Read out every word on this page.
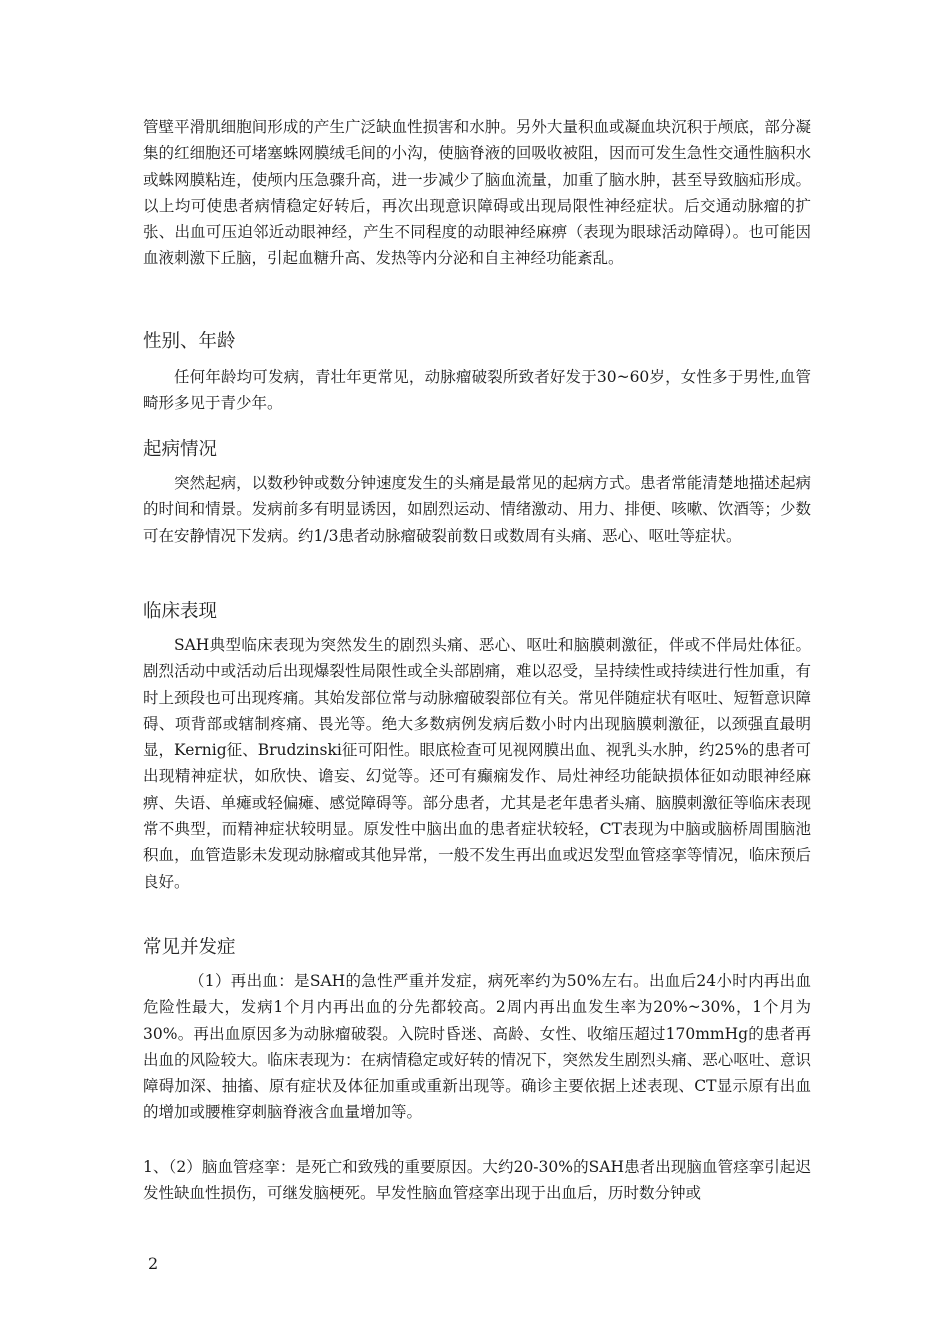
管壁平滑肌细胞间形成的产生广泛缺血性损害和水肿。另外大量积血或凝血块沉积于颅底，部分凝集的红细胞还可堵塞蛛网膜绒毛间的小沟，使脑脊液的回吸收被阻，因而可发生急性交通性脑积水或蛛网膜粘连，使颅内压急骤升高，进一步减少了脑血流量，加重了脑水肿，甚至导致脑疝形成。以上均可使患者病情稳定好转后，再次出现意识障碍或出现局限性神经症状。后交通动脉瘤的扩张、出血可压迫邻近动眼神经，产生不同程度的动眼神经麻痹（表现为眼球活动障碍）。也可能因血液刺激下丘脑，引起血糖升高、发热等内分泌和自主神经功能紊乱。

性别、年龄

任何年龄均可发病，青壮年更常见，动脉瘤破裂所致者好发于30~60岁，女性多于男性,血管畸形多见于青少年。

起病情况

突然起病，以数秒钟或数分钟速度发生的头痛是最常见的起病方式。患者常能清楚地描述起病的时间和情景。发病前多有明显诱因，如剧烈运动、情绪激动、用力、排便、咳嗽、饮酒等；少数可在安静情况下发病。约1/3患者动脉瘤破裂前数日或数周有头痛、恶心、呕吐等症状。

临床表现

SAH典型临床表现为突然发生的剧烈头痛、恶心、呕吐和脑膜刺激征，伴或不伴局灶体征。剧烈活动中或活动后出现爆裂性局限性或全头部剧痛，难以忍受，呈持续性或持续进行性加重，有时上颈段也可出现疼痛。其始发部位常与动脉瘤破裂部位有关。常见伴随症状有呕吐、短暂意识障碍、项背部或辖制疼痛、畏光等。绝大多数病例发病后数小时内出现脑膜刺激征，以颈强直最明显，Kernig征、Brudzinski征可阳性。眼底检查可见视网膜出血、视乳头水肿，约25%的患者可出现精神症状，如欣快、谵妄、幻觉等。还可有癫痫发作、局灶神经功能缺损体征如动眼神经麻痹、失语、单瘫或轻偏瘫、感觉障碍等。部分患者，尤其是老年患者头痛、脑膜刺激征等临床表现常不典型，而精神症状较明显。原发性中脑出血的患者症状较轻，CT表现为中脑或脑桥周围脑池积血，血管造影未发现动脉瘤或其他异常，一般不发生再出血或迟发型血管痉挛等情况，临床预后良好。

常见并发症

（1）再出血：是SAH的急性严重并发症，病死率约为50%左右。出血后24小时内再出血危险性最大，发病1个月内再出血的分先都较高。2周内再出血发生率为20%~30%，1个月为30%。再出血原因多为动脉瘤破裂。入院时昏迷、高龄、女性、收缩压超过170mmHg的患者再出血的风险较大。临床表现为：在病情稳定或好转的情况下，突然发生剧烈头痛、恶心呕吐、意识障碍加深、抽搐、原有症状及体征加重或重新出现等。确诊主要依据上述表现、CT显示原有出血的增加或腰椎穿刺脑脊液含血量增加等。

1、（2）脑血管痉挛：是死亡和致残的重要原因。大约20-30%的SAH患者出现脑血管痉挛引起迟发性缺血性损伤，可继发脑梗死。早发性脑血管痉挛出现于出血后，历时数分钟或

2
